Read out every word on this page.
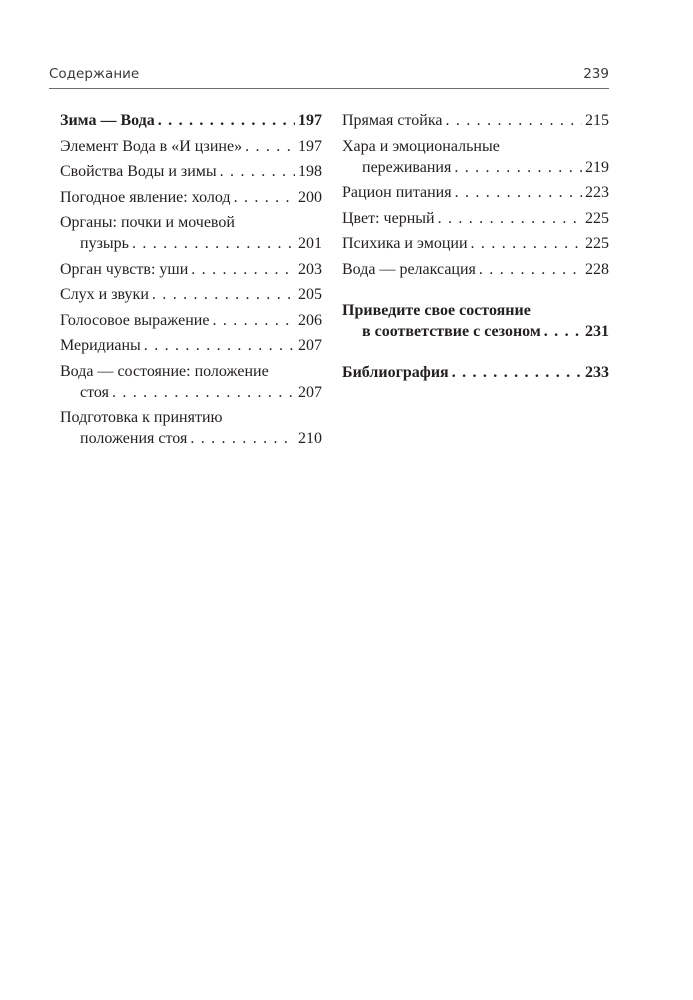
Содержание	239
Зима — Вода . . .	197
Элемент Вода в «И цзине» . . .	197
Свойства Воды и зимы . . .	198
Погодное явление: холод . . .	200
Органы: почки и мочевой
пузырь . . .	201
Орган чувств: уши . . .	203
Слух и звуки . . .	205
Голосовое выражение . . .	206
Меридианы . . .	207
Вода — состояние: положение
стоя . . .	207
Подготовка к принятию
положения стоя . . .	210
Прямая стойка . . .	215
Хара и эмоциональные
переживания . . .	219
Рацион питания . . .	223
Цвет: черный . . .	225
Психика и эмоции . . .	225
Вода — релаксация . . .	228
Приведите свое состояние
в соответствие с сезоном . . .	231
Библиография . . .	233
